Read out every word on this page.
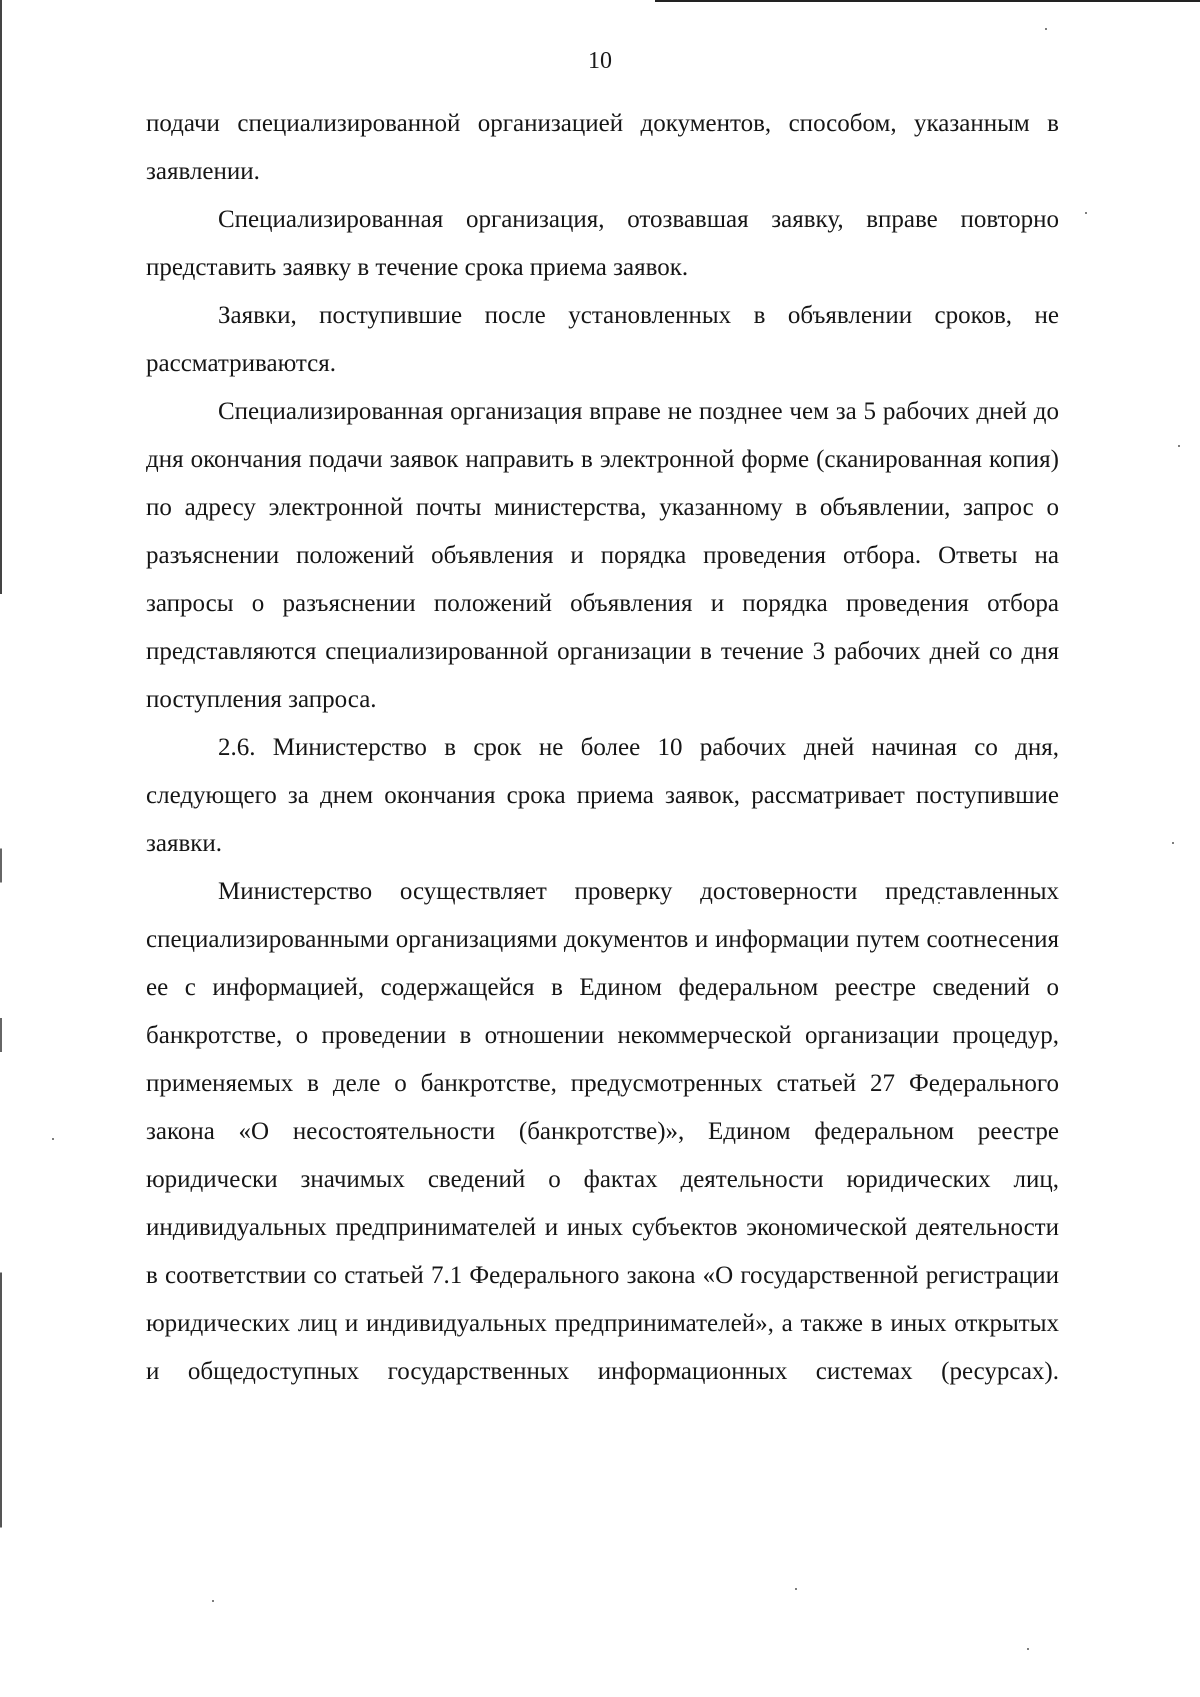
10

подачи специализированной организацией документов, способом, указанным в заявлении.

Специализированная организация, отозвавшая заявку, вправе повторно представить заявку в течение срока приема заявок.

Заявки, поступившие после установленных в объявлении сроков, не рассматриваются.

Специализированная организация вправе не позднее чем за 5 рабочих дней до дня окончания подачи заявок направить в электронной форме (сканированная копия) по адресу электронной почты министерства, указанному в объявлении, запрос о разъяснении положений объявления и порядка проведения отбора. Ответы на запросы о разъяснении положений объявления и порядка проведения отбора представляются специализированной организации в течение 3 рабочих дней со дня поступления запроса.

2.6. Министерство в срок не более 10 рабочих дней начиная со дня, следующего за днем окончания срока приема заявок, рассматривает поступившие заявки.

Министерство осуществляет проверку достоверности представленных специализированными организациями документов и информации путем соотнесения ее с информацией, содержащейся в Едином федеральном реестре сведений о банкротстве, о проведении в отношении некоммерческой организации процедур, применяемых в деле о банкротстве, предусмотренных статьей 27 Федерального закона «О несостоятельности (банкротстве)», Едином федеральном реестре юридически значимых сведений о фактах деятельности юридических лиц, индивидуальных предпринимателей и иных субъектов экономической деятельности в соответствии со статьей 7.1 Федерального закона «О государственной регистрации юридических лиц и индивидуальных предпринимателей», а также в иных открытых и общедоступных государственных информационных системах (ресурсах).
